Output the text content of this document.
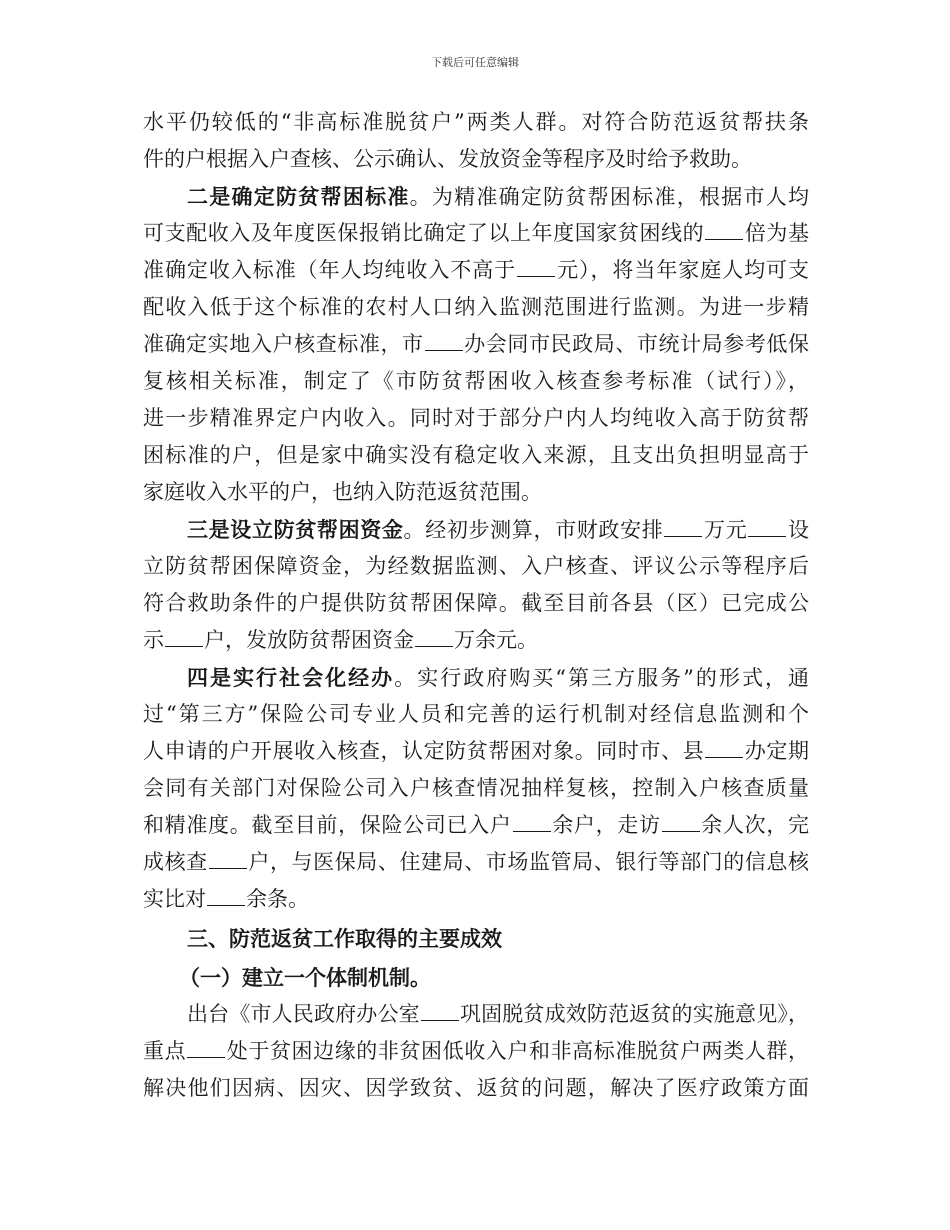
下载后可任意编辑
水平仍较低的“非高标准脱贫户”两类人群。对符合防范返贫帮扶条
件的户根据入户查核、公示确认、发放资金等程序及时给予救助。
二是确定防贫帮困标准。为精准确定防贫帮困标准，根据市人均
可支配收入及年度医保报销比确定了以上年度国家贫困线的 倍为基
准确定收入标准（年人均纯收入不高于 元），将当年家庭人均可支
配收入低于这个标准的农村人口纳入监测范围进行监测。为进一步精
准确定实地入户核查标准，市 办会同市民政局、市统计局参考低保
复核相关标准，制定了《市防贫帮困收入核查参考标准（试行）》，
进一步精准界定户内收入。同时对于部分户内人均纯收入高于防贫帮
困标准的户，但是家中确实没有稳定收入来源，且支出负担明显高于
家庭收入水平的户，也纳入防范返贫范围。
三是设立防贫帮困资金。经初步测算，市财政安排 万元 设
立防贫帮困保障资金，为经数据监测、入户核查、评议公示等程序后
符合救助条件的户提供防贫帮困保障。截至目前各县（区）已完成公
示 户，发放防贫帮困资金 万余元。
四是实行社会化经办。实行政府购买“第三方服务”的形式，通
过“第三方”保险公司专业人员和完善的运行机制对经信息监测和个
人申请的户开展收入核查，认定防贫帮困对象。同时市、县 办定期
会同有关部门对保险公司入户核查情况抽样复核，控制入户核查质量
和精准度。截至目前，保险公司已入户 余户，走访 余人次，完
成核查 户，与医保局、住建局、市场监管局、银行等部门的信息核
实比对 余条。
三、防范返贫工作取得的主要成效
（一）建立一个体制机制。
出台《市人民政府办公室 巩固脱贫成效防范返贫的实施意见》，
重点 处于贫困边缘的非贫困低收入户和非高标准脱贫户两类人群，
解决他们因病、因灾、因学致贫、返贫的问题，解决了医疗政策方面
